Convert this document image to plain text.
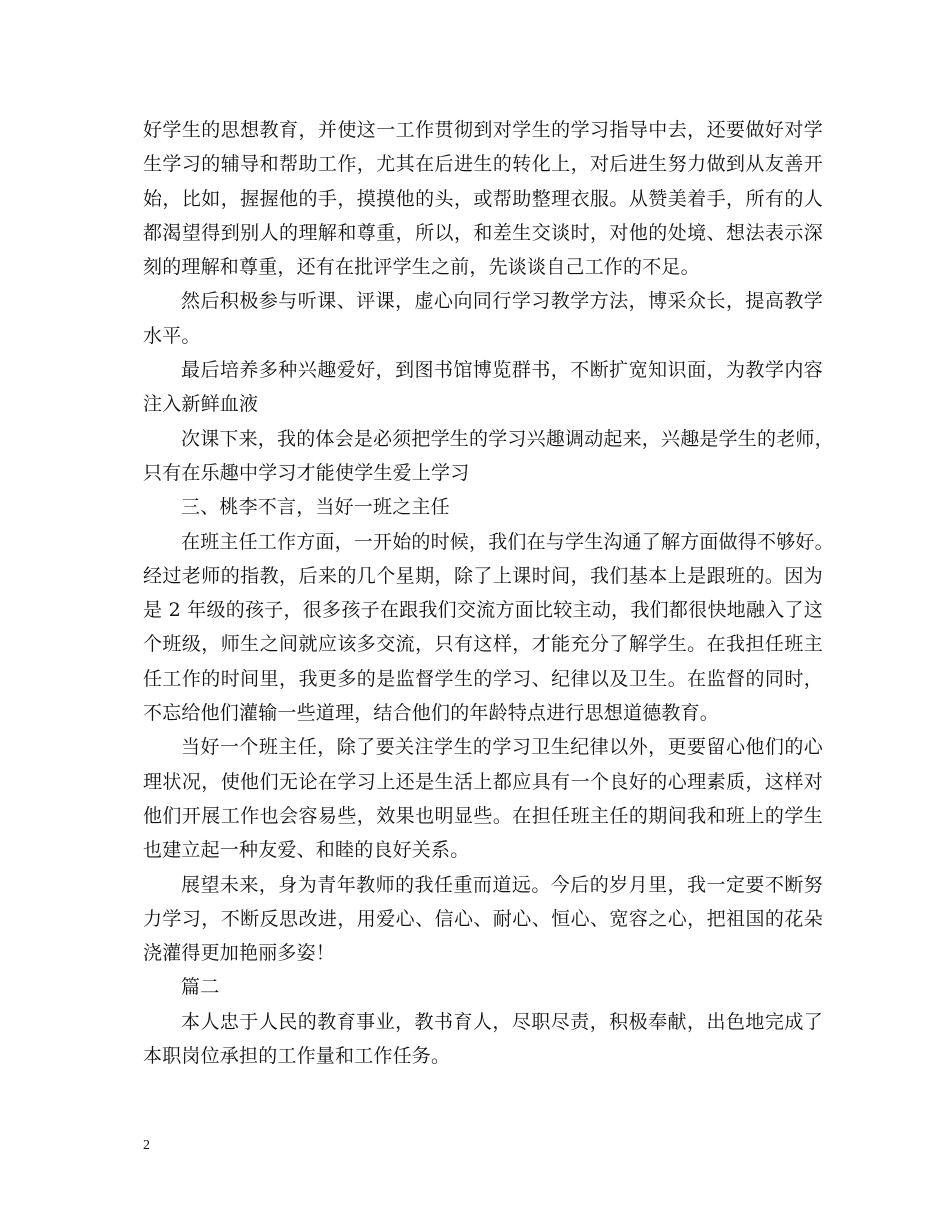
好学生的思想教育，并使这一工作贯彻到对学生的学习指导中去，还要做好对学
生学习的辅导和帮助工作，尤其在后进生的转化上，对后进生努力做到从友善开
始，比如，握握他的手，摸摸他的头，或帮助整理衣服。从赞美着手，所有的人
都渴望得到别人的理解和尊重，所以，和差生交谈时，对他的处境、想法表示深
刻的理解和尊重，还有在批评学生之前，先谈谈自己工作的不足。
然后积极参与听课、评课，虚心向同行学习教学方法，博采众长，提高教学
水平。
最后培养多种兴趣爱好，到图书馆博览群书，不断扩宽知识面，为教学内容
注入新鲜血液
次课下来，我的体会是必须把学生的学习兴趣调动起来，兴趣是学生的老师，
只有在乐趣中学习才能使学生爱上学习
三、桃李不言，当好一班之主任
在班主任工作方面，一开始的时候，我们在与学生沟通了解方面做得不够好。
经过老师的指教，后来的几个星期，除了上课时间，我们基本上是跟班的。因为
是 2 年级的孩子，很多孩子在跟我们交流方面比较主动，我们都很快地融入了这
个班级，师生之间就应该多交流，只有这样，才能充分了解学生。在我担任班主
任工作的时间里，我更多的是监督学生的学习、纪律以及卫生。在监督的同时，
不忘给他们灌输一些道理，结合他们的年龄特点进行思想道德教育。
当好一个班主任，除了要关注学生的学习卫生纪律以外，更要留心他们的心
理状况，使他们无论在学习上还是生活上都应具有一个良好的心理素质，这样对
他们开展工作也会容易些，效果也明显些。在担任班主任的期间我和班上的学生
也建立起一种友爱、和睦的良好关系。
展望未来，身为青年教师的我任重而道远。今后的岁月里，我一定要不断努
力学习，不断反思改进，用爱心、信心、耐心、恒心、宽容之心，把祖国的花朵
浇灌得更加艳丽多姿！
篇二
本人忠于人民的教育事业，教书育人，尽职尽责，积极奉献，出色地完成了
本职岗位承担的工作量和工作任务。
2
